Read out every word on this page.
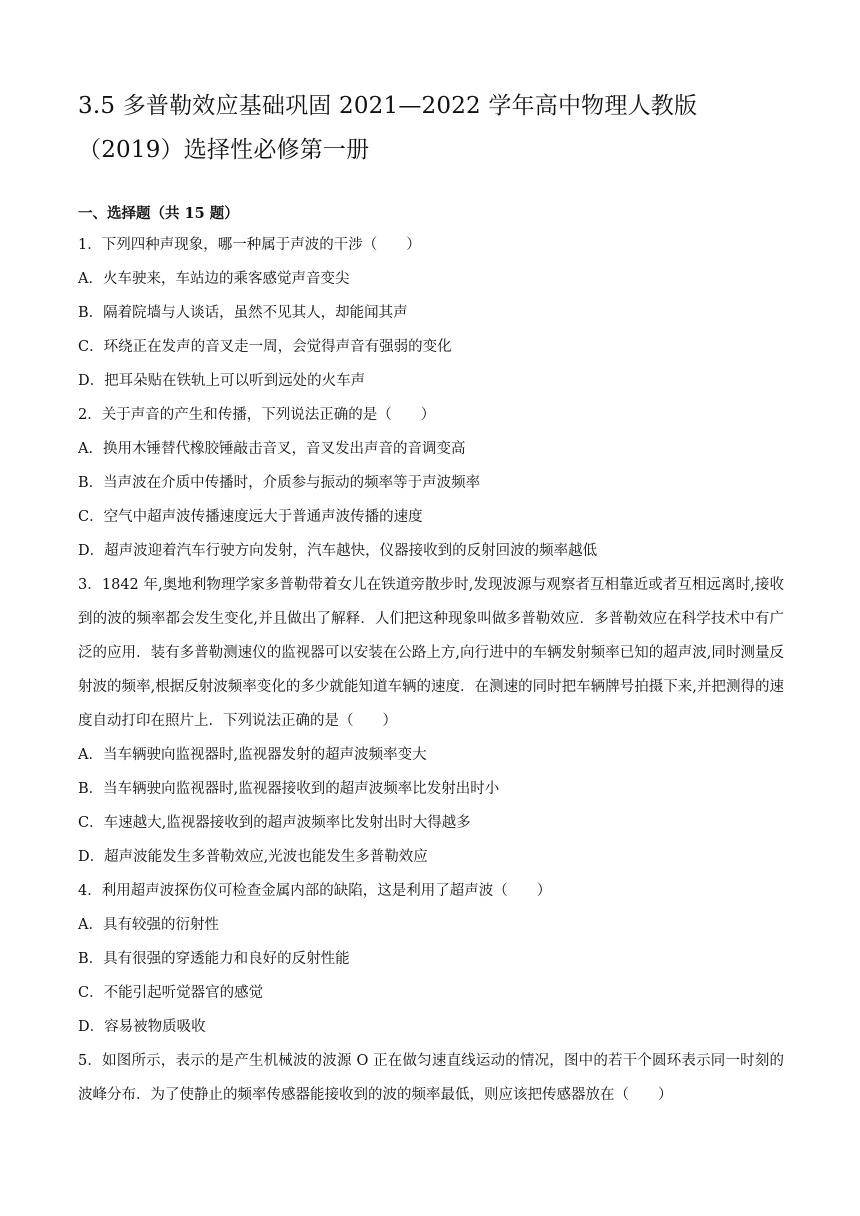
3.5 多普勒效应基础巩固 2021—2022 学年高中物理人教版（2019）选择性必修第一册
一、选择题（共 15 题）

1．下列四种声现象，哪一种属于声波的干涉（　　）

A．火车驶来，车站边的乘客感觉声音变尖

B．隔着院墙与人谈话，虽然不见其人，却能闻其声

C．环绕正在发声的音叉走一周，会觉得声音有强弱的变化

D．把耳朵贴在铁轨上可以听到远处的火车声

2．关于声音的产生和传播，下列说法正确的是（　　）

A．换用木锤替代橡胶锤敲击音叉，音叉发出声音的音调变高

B．当声波在介质中传播时，介质参与振动的频率等于声波频率

C．空气中超声波传播速度远大于普通声波传播的速度

D．超声波迎着汽车行驶方向发射，汽车越快，仪器接收到的反射回波的频率越低

3．1842 年,奥地利物理学家多普勒带着女儿在铁道旁散步时,发现波源与观察者互相靠近或者互相远离时,接收到的波的频率都会发生变化,并且做出了解释．人们把这种现象叫做多普勒效应．多普勒效应在科学技术中有广泛的应用．装有多普勒测速仪的监视器可以安装在公路上方,向行进中的车辆发射频率已知的超声波,同时测量反射波的频率,根据反射波频率变化的多少就能知道车辆的速度．在测速的同时把车辆牌号拍摄下来,并把测得的速度自动打印在照片上．下列说法正确的是（　　）

A．当车辆驶向监视器时,监视器发射的超声波频率变大

B．当车辆驶向监视器时,监视器接收到的超声波频率比发射出时小

C．车速越大,监视器接收到的超声波频率比发射出时大得越多

D．超声波能发生多普勒效应,光波也能发生多普勒效应

4．利用超声波探伤仪可检查金属内部的缺陷，这是利用了超声波（　　）

A．具有较强的衍射性

B．具有很强的穿透能力和良好的反射性能

C．不能引起听觉器官的感觉

D．容易被物质吸收

5．如图所示，表示的是产生机械波的波源 O 正在做匀速直线运动的情况，图中的若干个圆环表示同一时刻的波峰分布．为了使静止的频率传感器能接收到的波的频率最低，则应该把传感器放在（　　）
